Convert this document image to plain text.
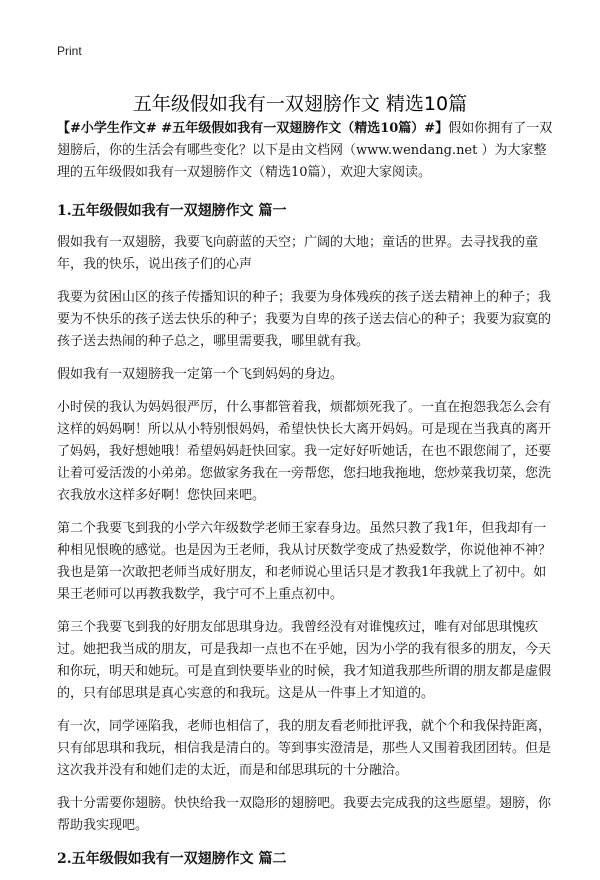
Print
五年级假如我有一双翅膀作文 精选10篇

【#小学生作文# #五年级假如我有一双翅膀作文（精选10篇）#】假如你拥有了一双翅膀后，你的生活会有哪些变化？以下是由文档网（www.wendang.net ）为大家整理的五年级假如我有一双翅膀作文（精选10篇），欢迎大家阅读。

1.五年级假如我有一双翅膀作文 篇一

假如我有一双翅膀，我要飞向蔚蓝的天空；广阔的大地；童话的世界。去寻找我的童年，我的快乐，说出孩子们的心声

我要为贫困山区的孩子传播知识的种子；我要为身体残疾的孩子送去精神上的种子；我要为不快乐的孩子送去快乐的种子；我要为自卑的孩子送去信心的种子；我要为寂寞的孩子送去热闹的种子总之，哪里需要我，哪里就有我。

假如我有一双翅膀我一定第一个飞到妈妈的身边。

小时侯的我认为妈妈很严厉，什么事都管着我，烦都烦死我了。一直在抱怨我怎么会有这样的妈妈啊！所以从小特别恨妈妈，希望快快长大离开妈妈。可是现在当我真的离开了妈妈，我好想她哦！希望妈妈赶快回家。我一定好好听她话，在也不跟您闹了，还要让着可爱活泼的小弟弟。您做家务我在一旁帮您，您扫地我拖地，您炒菜我切菜，您洗衣我放水这样多好啊！您快回来吧。

第二个我要飞到我的小学六年级数学老师王家春身边。虽然只教了我1年，但我却有一种相见恨晚的感觉。也是因为王老师，我从讨厌数学变成了热爱数学，你说他神不神？我也是第一次敢把老师当成好朋友，和老师说心里话只是才教我1年我就上了初中。如果王老师可以再教我数学，我宁可不上重点初中。

第三个我要飞到我的好朋友邰思琪身边。我曾经没有对谁愧疚过，唯有对邰思琪愧疚过。她把我当成的朋友，可是我却一点也不在乎她，因为小学的我有很多的朋友，今天和你玩，明天和她玩。可是直到快要毕业的时候，我才知道我那些所谓的朋友都是虚假的，只有邰思琪是真心实意的和我玩。这是从一件事上才知道的。

有一次，同学诬陷我，老师也相信了，我的朋友看老师批评我，就个个和我保持距离，只有邰思琪和我玩，相信我是清白的。等到事实澄清是，那些人又围着我团团转。但是这次我并没有和她们走的太近，而是和邰思琪玩的十分融洽。

我十分需要你翅膀。快快给我一双隐形的翅膀吧。我要去完成我的这些愿望。翅膀，你帮助我实现吧。

2.五年级假如我有一双翅膀作文 篇二
